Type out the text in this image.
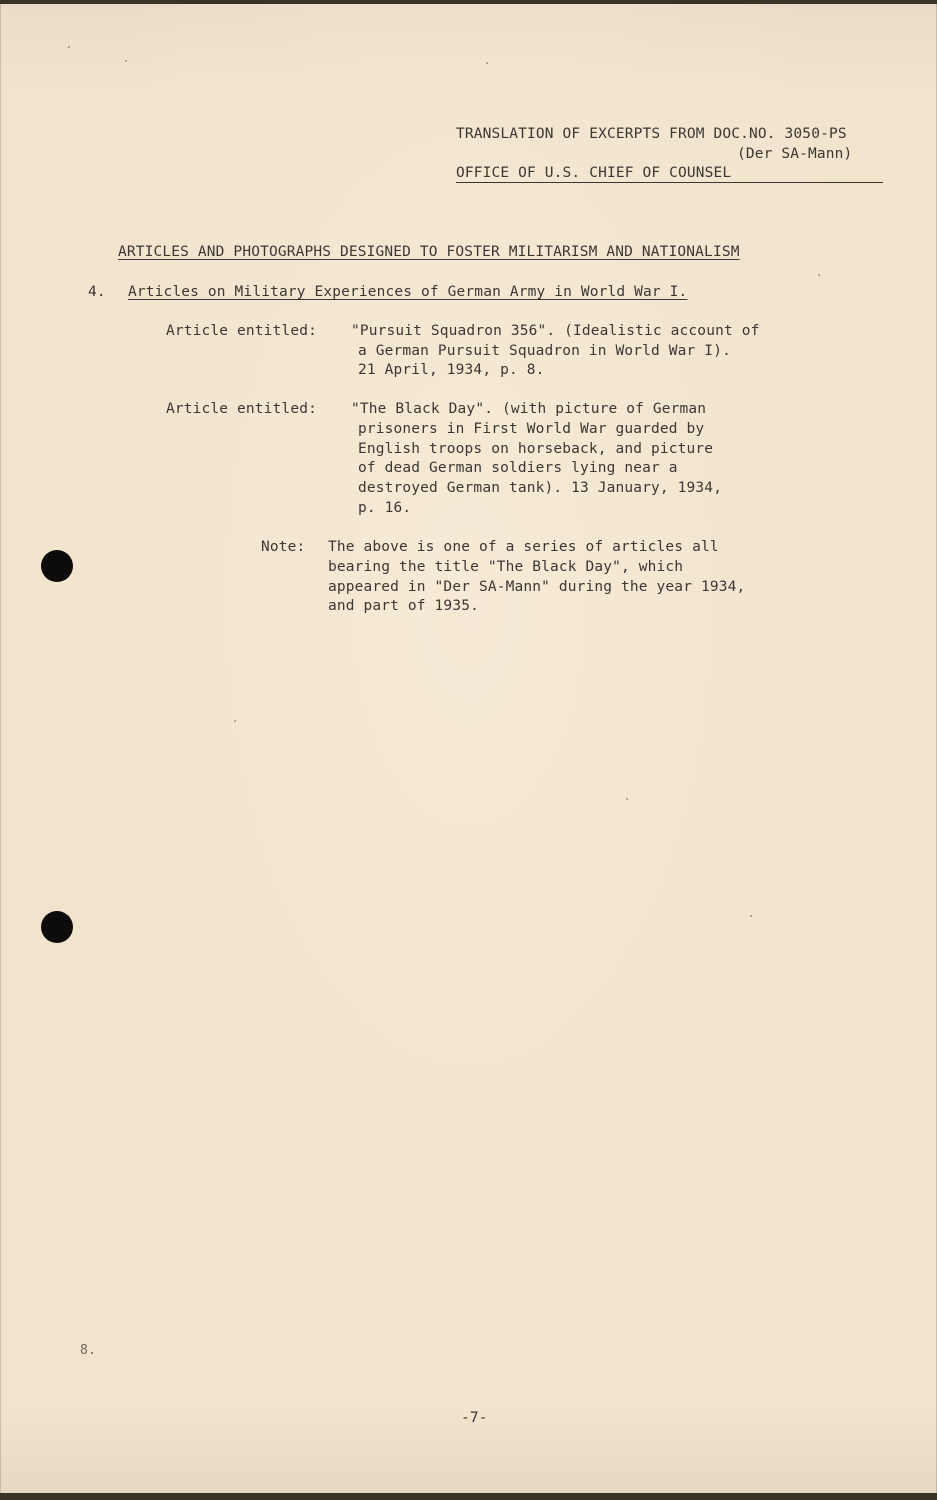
TRANSLATION OF EXCERPTS FROM DOC.NO. 3050-PS
(Der SA-Mann)
OFFICE OF U.S. CHIEF OF COUNSEL
ARTICLES AND PHOTOGRAPHS DESIGNED TO FOSTER MILITARISM AND NATIONALISM
4. Articles on Military Experiences of German Army in World War I.
Article entitled: "Pursuit Squadron 356". (Idealistic account of
a German Pursuit Squadron in World War I).
21 April, 1934, p. 8.
Article entitled: "The Black Day". (with picture of German
prisoners in First World War guarded by
English troops on horseback, and picture
of dead German soldiers lying near a
destroyed German tank). 13 January, 1934,
p. 16.
Note: The above is one of a series of articles all
bearing the title "The Black Day", which
appeared in "Der SA-Mann" during the year 1934,
and part of 1935.
8.
-7-
